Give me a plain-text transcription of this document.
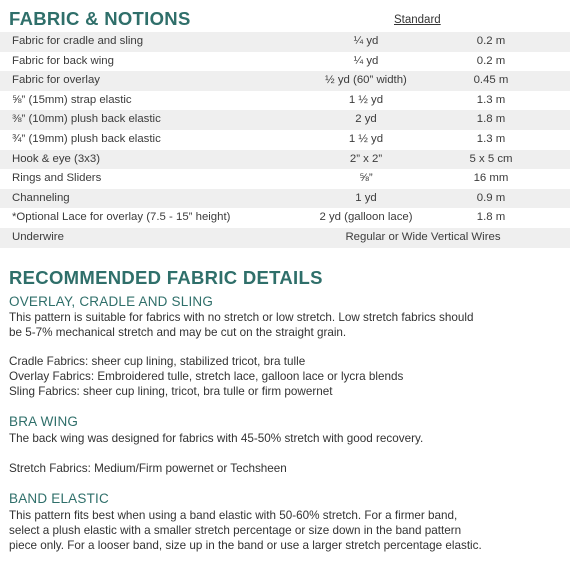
FABRIC & NOTIONS	Standard
Fabric for cradle and sling	¼ yd	0.2 m
Fabric for back wing	¼ yd	0.2 m
Fabric for overlay	½ yd (60” width)	0.45 m
⅝” (15mm) strap elastic	1 ½ yd	1.3 m
⅜” (10mm) plush back elastic	2 yd	1.8 m
¾” (19mm) plush back elastic	1 ½ yd	1.3 m
Hook & eye (3x3)	2” x 2”	5 x 5 cm
Rings and Sliders	⅝”	16 mm
Channeling	1 yd	0.9 m
*Optional Lace for overlay (7.5 - 15” height)	2 yd (galloon lace)	1.8 m
Underwire	Regular or Wide Vertical Wires
RECOMMENDED FABRIC DETAILS
OVERLAY, CRADLE AND SLING
This pattern is suitable for fabrics with no stretch or low stretch. Low stretch fabrics should
be 5-7% mechanical stretch and may be cut on the straight grain.
Cradle Fabrics: sheer cup lining, stabilized tricot, bra tulle
Overlay Fabrics: Embroidered tulle, stretch lace, galloon lace or lycra blends
Sling Fabrics: sheer cup lining, tricot, bra tulle or firm powernet
BRA WING
The back wing was designed for fabrics with 45-50% stretch with good recovery.
Stretch Fabrics: Medium/Firm powernet or Techsheen
BAND ELASTIC
This pattern fits best when using a band elastic with 50-60% stretch. For a firmer band,
select a plush elastic with a smaller stretch percentage or size down in the band pattern
piece only. For a looser band, size up in the band or use a larger stretch percentage elastic.
